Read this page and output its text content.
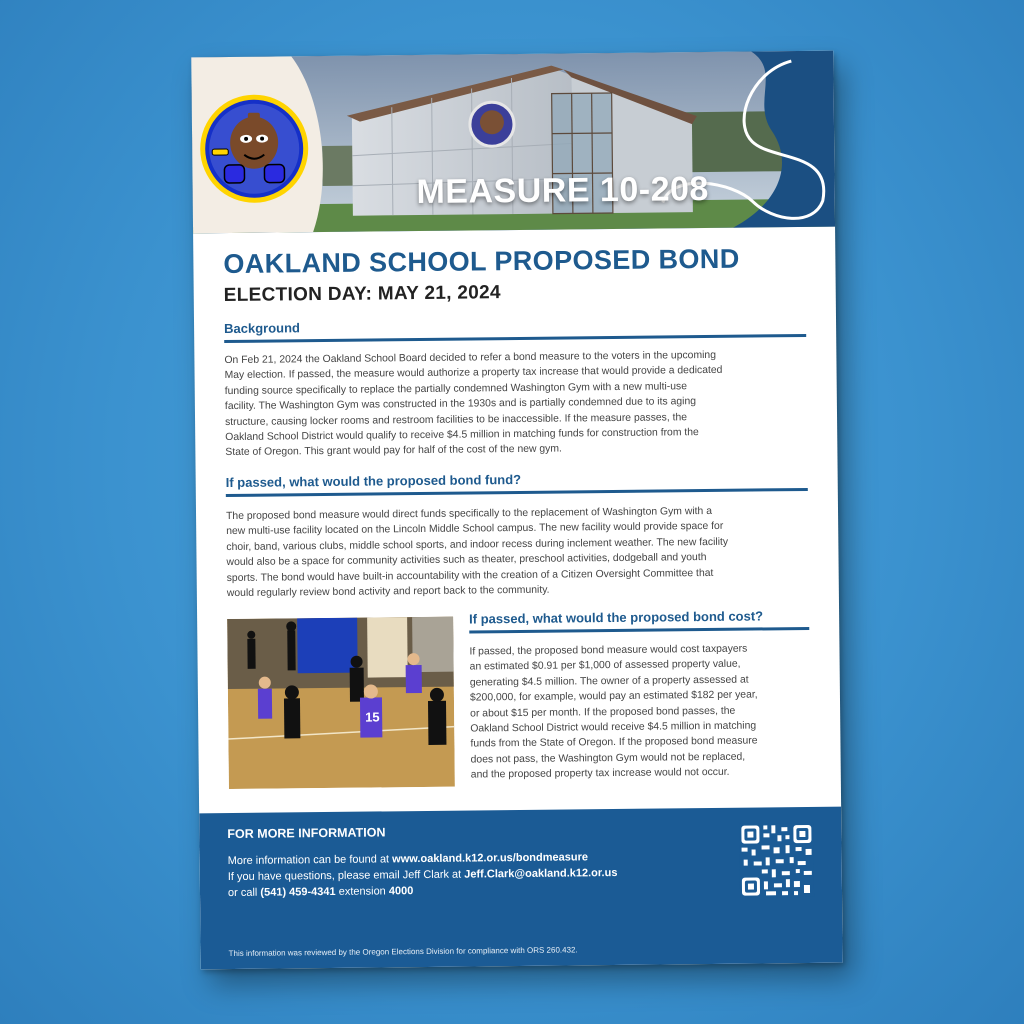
MEASURE 10-208
OAKLAND SCHOOL PROPOSED BOND
ELECTION DAY: MAY 21, 2024
Background
On Feb 21, 2024 the Oakland School Board decided to refer a bond measure to the voters in the upcoming
May election. If passed, the measure would authorize a property tax increase that would provide a dedicated
funding source specifically to replace the partially condemned Washington Gym with a new multi-use
facility. The Washington Gym was constructed in the 1930s and is partially condemned due to its aging
structure, causing locker rooms and restroom facilities to be inaccessible. If the measure passes, the
Oakland School District would qualify to receive $4.5 million in matching funds for construction from the
State of Oregon. This grant would pay for half of the cost of the new gym.
If passed, what would the proposed bond fund?
The proposed bond measure would direct funds specifically to the replacement of Washington Gym with a
new multi-use facility located on the Lincoln Middle School campus. The new facility would provide space for
choir, band, various clubs, middle school sports, and indoor recess during inclement weather. The new facility
would also be a space for community activities such as theater, preschool activities, dodgeball and youth
sports. The bond would have built-in accountability with the creation of a Citizen Oversight Committee that
would regularly review bond activity and report back to the community.
15
If passed, what would the proposed bond cost?
If passed, the proposed bond measure would cost taxpayers
an estimated $0.91 per $1,000 of assessed property value,
generating $4.5 million. The owner of a property assessed at
$200,000, for example, would pay an estimated $182 per year,
or about $15 per month. If the proposed bond passes, the
Oakland School District would receive $4.5 million in matching
funds from the State of Oregon. If the proposed bond measure
does not pass, the Washington Gym would not be replaced,
and the proposed property tax increase would not occur.
FOR MORE INFORMATION
More information can be found at www.oakland.k12.or.us/bondmeasure
If you have questions, please email Jeff Clark at Jeff.Clark@oakland.k12.or.us
or call (541) 459-4341 extension 4000
This information was reviewed by the Oregon Elections Division for compliance with ORS 260.432.
